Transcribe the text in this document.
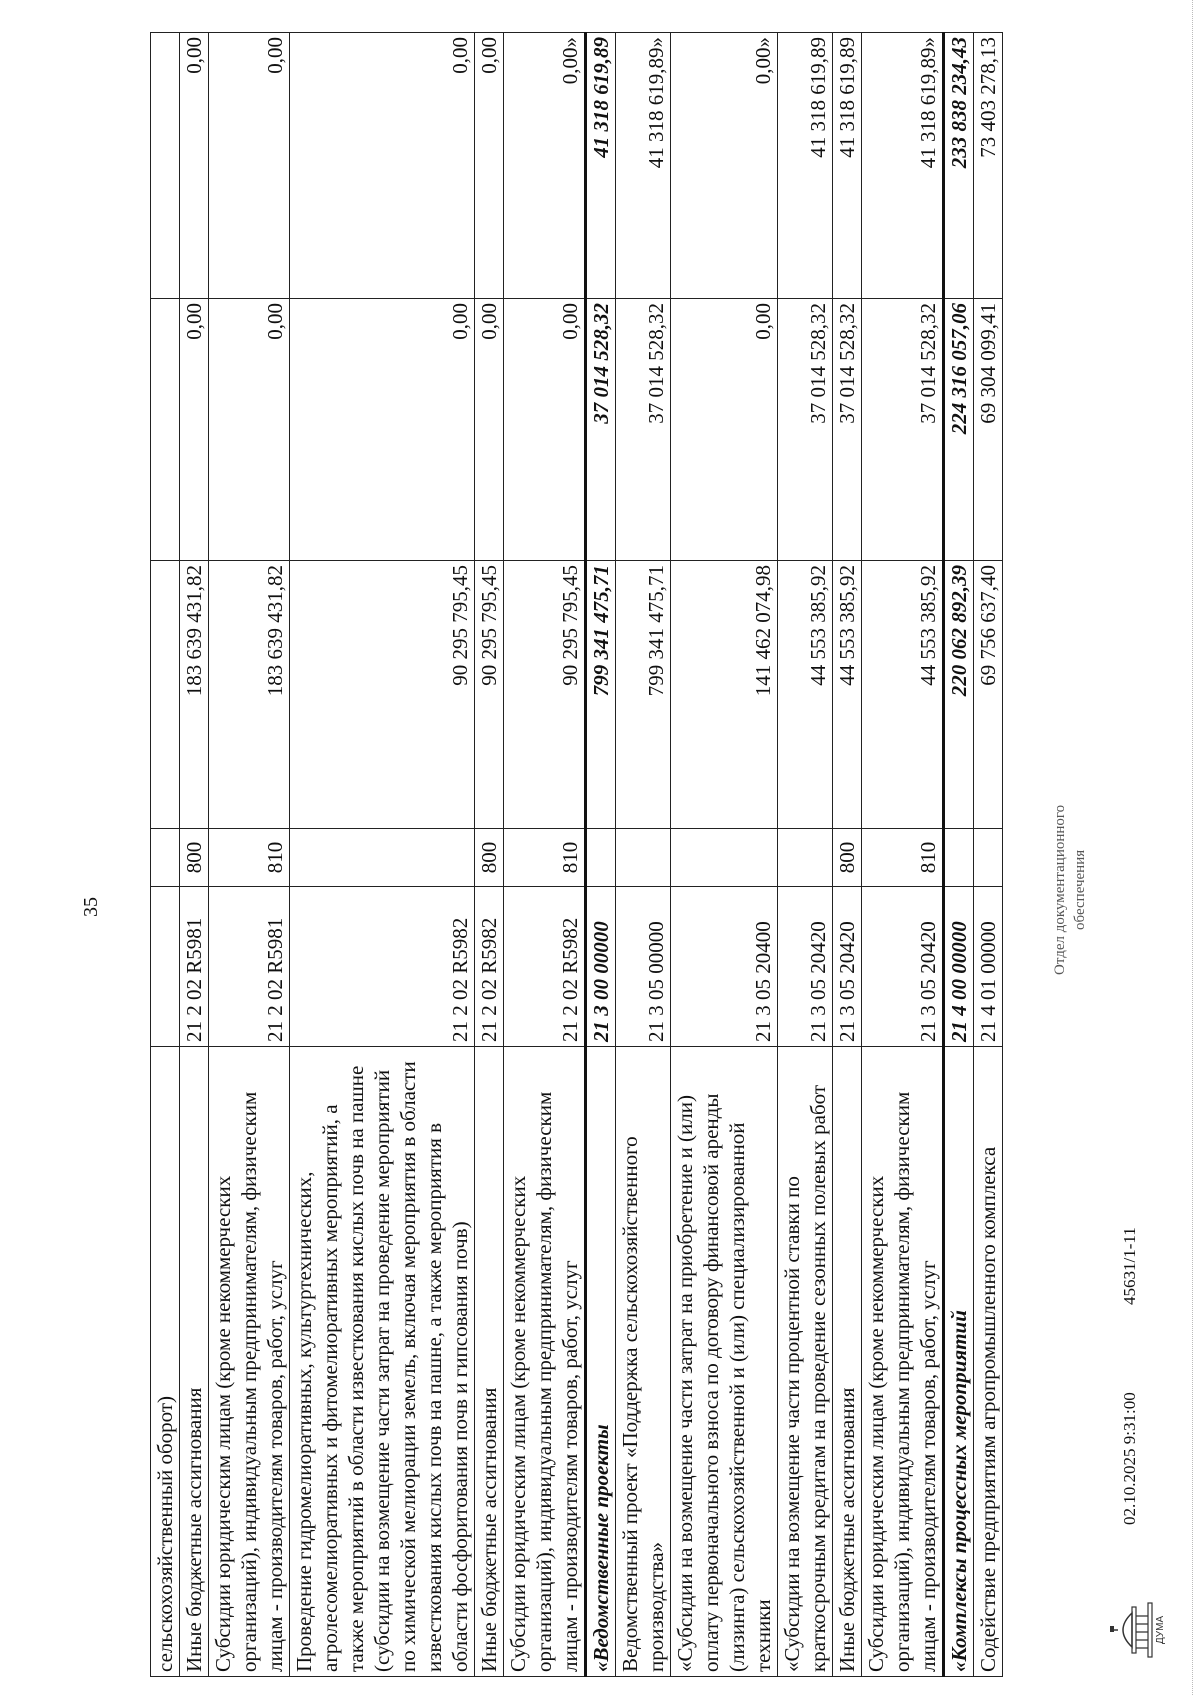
35
сельскохозяйственный оборот)					
Иные бюджетные ассигнования	21 2 02 R5981	800	183 639 431,82	0,00	0,00
Субсидии юридическим лицам (кроме некоммерческих организаций), индивидуальным предпринимателям, физическим лицам - производителям товаров, работ, услуг	21 2 02 R5981	810	183 639 431,82	0,00	0,00
Проведение гидромелиоративных, культуртехнических, агролесомелиоративных и фитомелиоративных мероприятий, а также мероприятий в области известкования кислых почв на пашне (субсидии на возмещение части затрат на проведение мероприятий по химической мелиорации земель, включая мероприятия в области известкования кислых почв на пашне, а также мероприятия в области фосфоритования почв и гипсования почв)	21 2 02 R5982		90 295 795,45	0,00	0,00
Иные бюджетные ассигнования	21 2 02 R5982	800	90 295 795,45	0,00	0,00
Субсидии юридическим лицам (кроме некоммерческих организаций), индивидуальным предпринимателям, физическим лицам - производителям товаров, работ, услуг	21 2 02 R5982	810	90 295 795,45	0,00	0,00»
«Ведомственные проекты	21 3 00 00000		799 341 475,71	37 014 528,32	41 318 619,89
Ведомственный проект «Поддержка сельскохозяйственного производства»	21 3 05 00000		799 341 475,71	37 014 528,32	41 318 619,89»
«Субсидии на возмещение части затрат на приобретение и (или) оплату первоначального взноса по договору финансовой аренды (лизинга) сельскохозяйственной и (или) специализированной техники	21 3 05 20400		141 462 074,98	0,00	0,00»
«Субсидии на возмещение части процентной ставки по краткосрочным кредитам на проведение сезонных полевых работ	21 3 05 20420		44 553 385,92	37 014 528,32	41 318 619,89
Иные бюджетные ассигнования	21 3 05 20420	800	44 553 385,92	37 014 528,32	41 318 619,89
Субсидии юридическим лицам (кроме некоммерческих организаций), индивидуальным предпринимателям, физическим лицам - производителям товаров, работ, услуг	21 3 05 20420	810	44 553 385,92	37 014 528,32	41 318 619,89»
«Комплексы процессных мероприятий	21 4 00 00000		220 062 892,39	224 316 057,06	233 838 234,43
Содействие предприятиям агропромышленного комплекса	21 4 01 00000		69 756 637,40	69 304 099,41	73 403 278,13
02.10.2025 9:31:00
45631/1-11
Отдел документационного обеспечения
ДУМА
